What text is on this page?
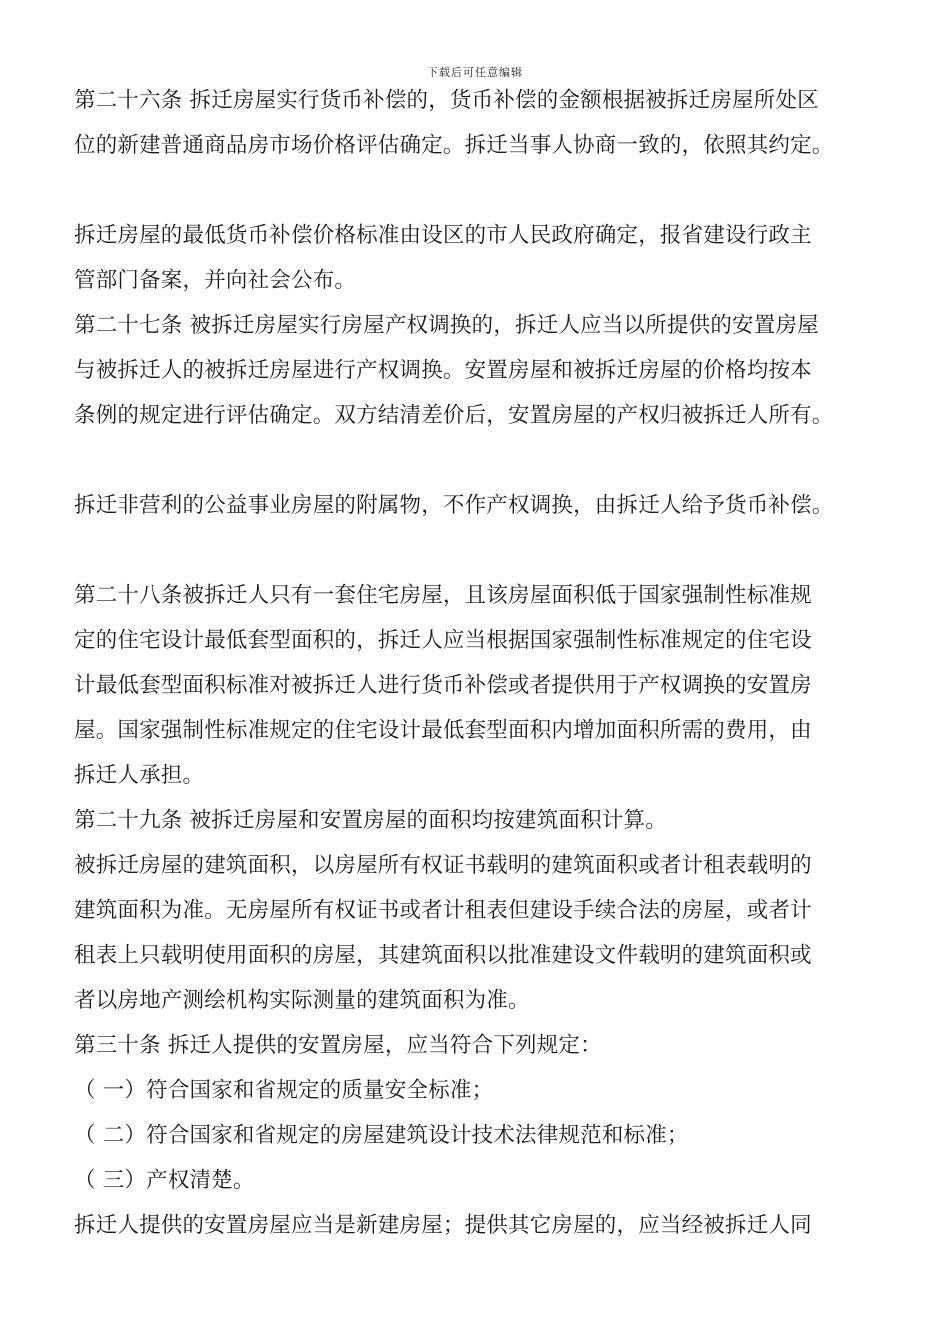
下载后可任意编辑
第二十六条 拆迁房屋实行货币补偿的，货币补偿的金额根据被拆迁房屋所处区
位的新建普通商品房市场价格评估确定。拆迁当事人协商一致的，依照其约定。
拆迁房屋的最低货币补偿价格标准由设区的市人民政府确定，报省建设行政主
管部门备案，并向社会公布。
第二十七条 被拆迁房屋实行房屋产权调换的，拆迁人应当以所提供的安置房屋
与被拆迁人的被拆迁房屋进行产权调换。安置房屋和被拆迁房屋的价格均按本
条例的规定进行评估确定。双方结清差价后，安置房屋的产权归被拆迁人所有。
拆迁非营利的公益事业房屋的附属物，不作产权调换，由拆迁人给予货币补偿。
第二十八条被拆迁人只有一套住宅房屋，且该房屋面积低于国家强制性标准规
定的住宅设计最低套型面积的，拆迁人应当根据国家强制性标准规定的住宅设
计最低套型面积标准对被拆迁人进行货币补偿或者提供用于产权调换的安置房
屋。国家强制性标准规定的住宅设计最低套型面积内增加面积所需的费用，由
拆迁人承担。
第二十九条 被拆迁房屋和安置房屋的面积均按建筑面积计算。
被拆迁房屋的建筑面积，以房屋所有权证书载明的建筑面积或者计租表载明的
建筑面积为准。无房屋所有权证书或者计租表但建设手续合法的房屋，或者计
租表上只载明使用面积的房屋，其建筑面积以批准建设文件载明的建筑面积或
者以房地产测绘机构实际测量的建筑面积为准。
第三十条 拆迁人提供的安置房屋，应当符合下列规定：
（ 一）符合国家和省规定的质量安全标准；
（ 二）符合国家和省规定的房屋建筑设计技术法律规范和标准；
（ 三）产权清楚。
拆迁人提供的安置房屋应当是新建房屋；提供其它房屋的，应当经被拆迁人同
